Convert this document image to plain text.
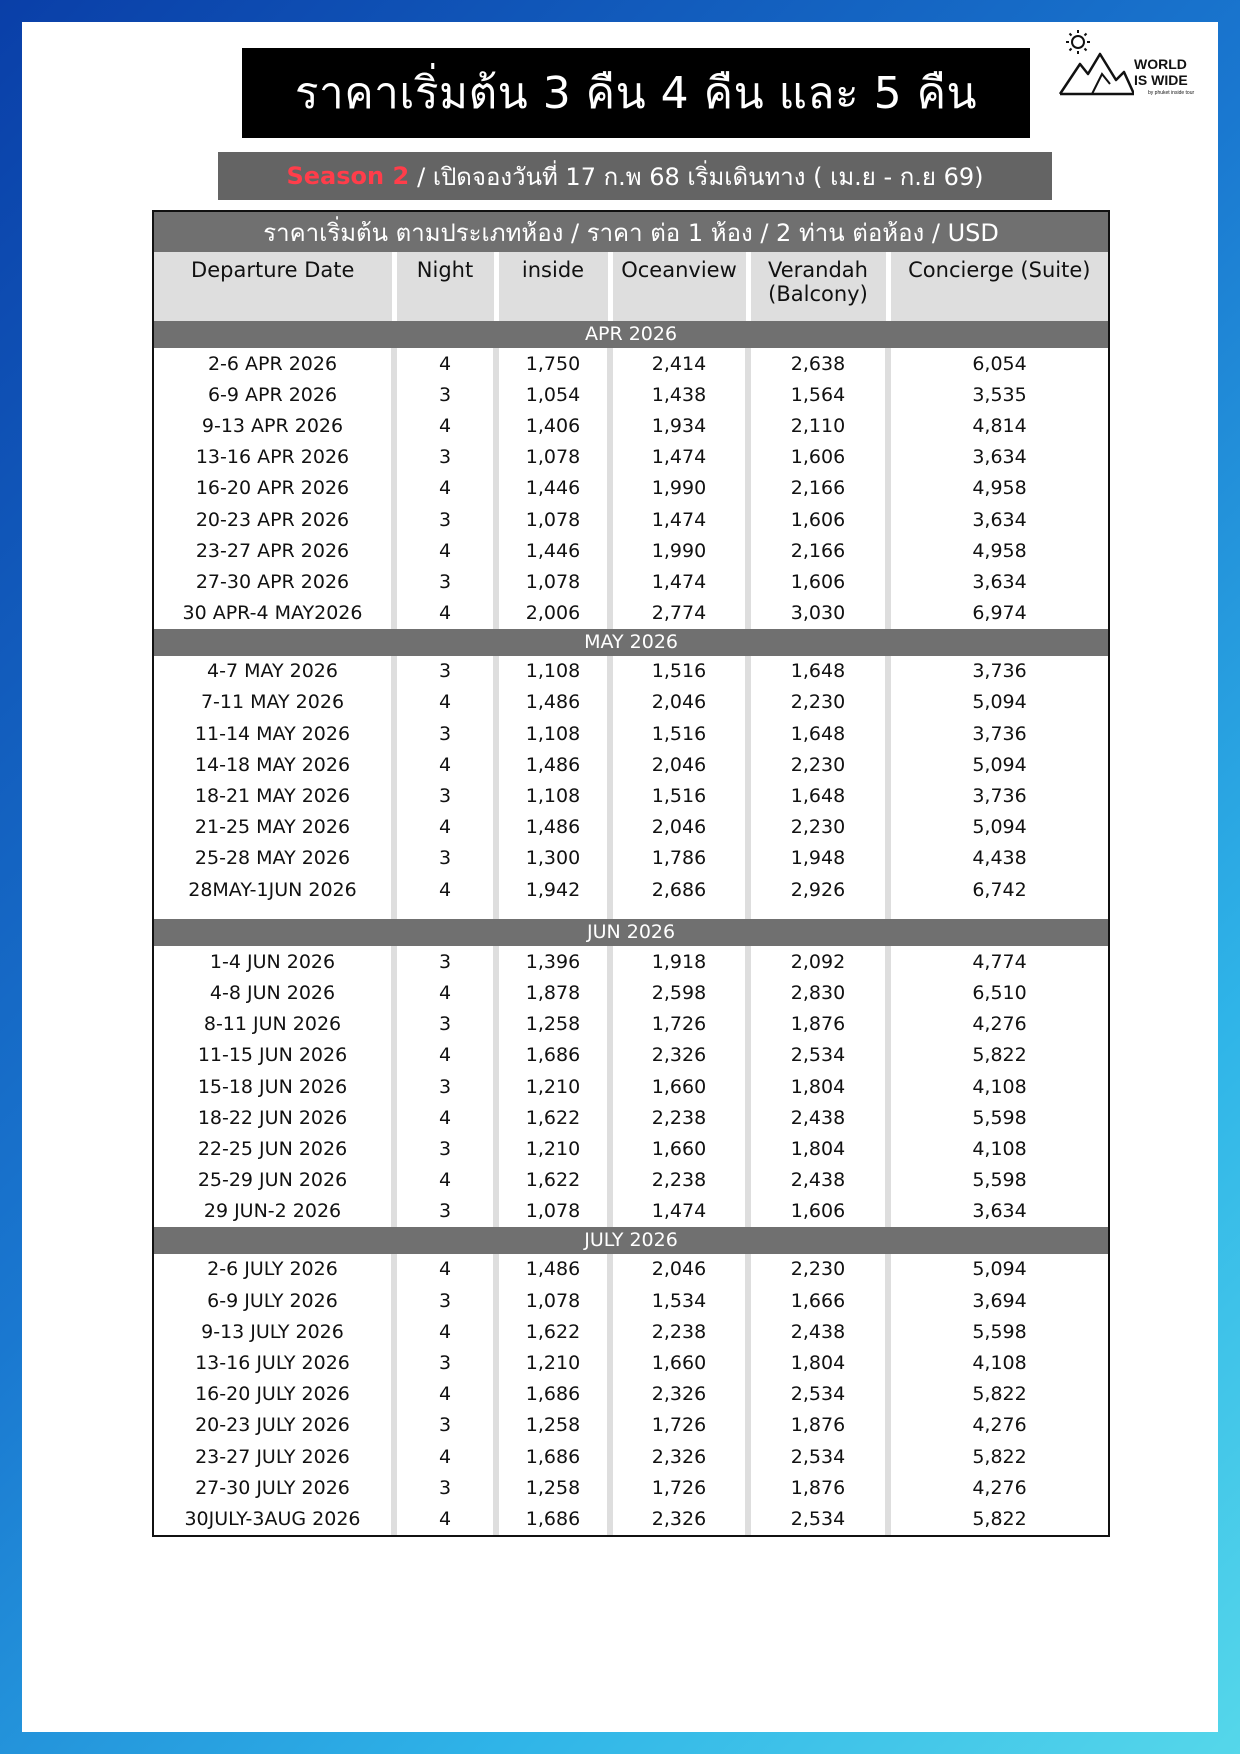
WORLD
IS WIDE
by phuket inside tour
ราคาเริ่มต้น 3 คืน 4 คืน และ 5 คืน
Season 2 / เปิดจองวันที่ 17 ก.พ 68 เริ่มเดินทาง ( เม.ย - ก.ย 69)
ราคาเริ่มต้น ตามประเภทห้อง / ราคา ต่อ 1 ห้อง / 2 ท่าน ต่อห้อง / USD					
Departure Date	Night	inside	Oceanview	Verandah (Balcony)	Concierge (Suite)
APR 2026					
2-6 APR 2026	4	1,750	2,414	2,638	6,054
6-9 APR 2026	3	1,054	1,438	1,564	3,535
9-13 APR 2026	4	1,406	1,934	2,110	4,814
13-16 APR 2026	3	1,078	1,474	1,606	3,634
16-20 APR 2026	4	1,446	1,990	2,166	4,958
20-23 APR 2026	3	1,078	1,474	1,606	3,634
23-27 APR 2026	4	1,446	1,990	2,166	4,958
27-30 APR 2026	3	1,078	1,474	1,606	3,634
30 APR-4 MAY2026	4	2,006	2,774	3,030	6,974
MAY 2026					
4-7 MAY 2026	3	1,108	1,516	1,648	3,736
7-11 MAY 2026	4	1,486	2,046	2,230	5,094
11-14 MAY 2026	3	1,108	1,516	1,648	3,736
14-18 MAY 2026	4	1,486	2,046	2,230	5,094
18-21 MAY 2026	3	1,108	1,516	1,648	3,736
21-25 MAY 2026	4	1,486	2,046	2,230	5,094
25-28 MAY 2026	3	1,300	1,786	1,948	4,438
28MAY-1JUN 2026	4	1,942	2,686	2,926	6,742

JUN 2026					
1-4 JUN 2026	3	1,396	1,918	2,092	4,774
4-8 JUN 2026	4	1,878	2,598	2,830	6,510
8-11 JUN 2026	3	1,258	1,726	1,876	4,276
11-15 JUN 2026	4	1,686	2,326	2,534	5,822
15-18 JUN 2026	3	1,210	1,660	1,804	4,108
18-22 JUN 2026	4	1,622	2,238	2,438	5,598
22-25 JUN 2026	3	1,210	1,660	1,804	4,108
25-29 JUN 2026	4	1,622	2,238	2,438	5,598
29 JUN-2 2026	3	1,078	1,474	1,606	3,634
JULY 2026					
2-6 JULY 2026	4	1,486	2,046	2,230	5,094
6-9 JULY 2026	3	1,078	1,534	1,666	3,694
9-13 JULY 2026	4	1,622	2,238	2,438	5,598
13-16 JULY 2026	3	1,210	1,660	1,804	4,108
16-20 JULY 2026	4	1,686	2,326	2,534	5,822
20-23 JULY 2026	3	1,258	1,726	1,876	4,276
23-27 JULY 2026	4	1,686	2,326	2,534	5,822
27-30 JULY 2026	3	1,258	1,726	1,876	4,276
30JULY-3AUG 2026	4	1,686	2,326	2,534	5,822
